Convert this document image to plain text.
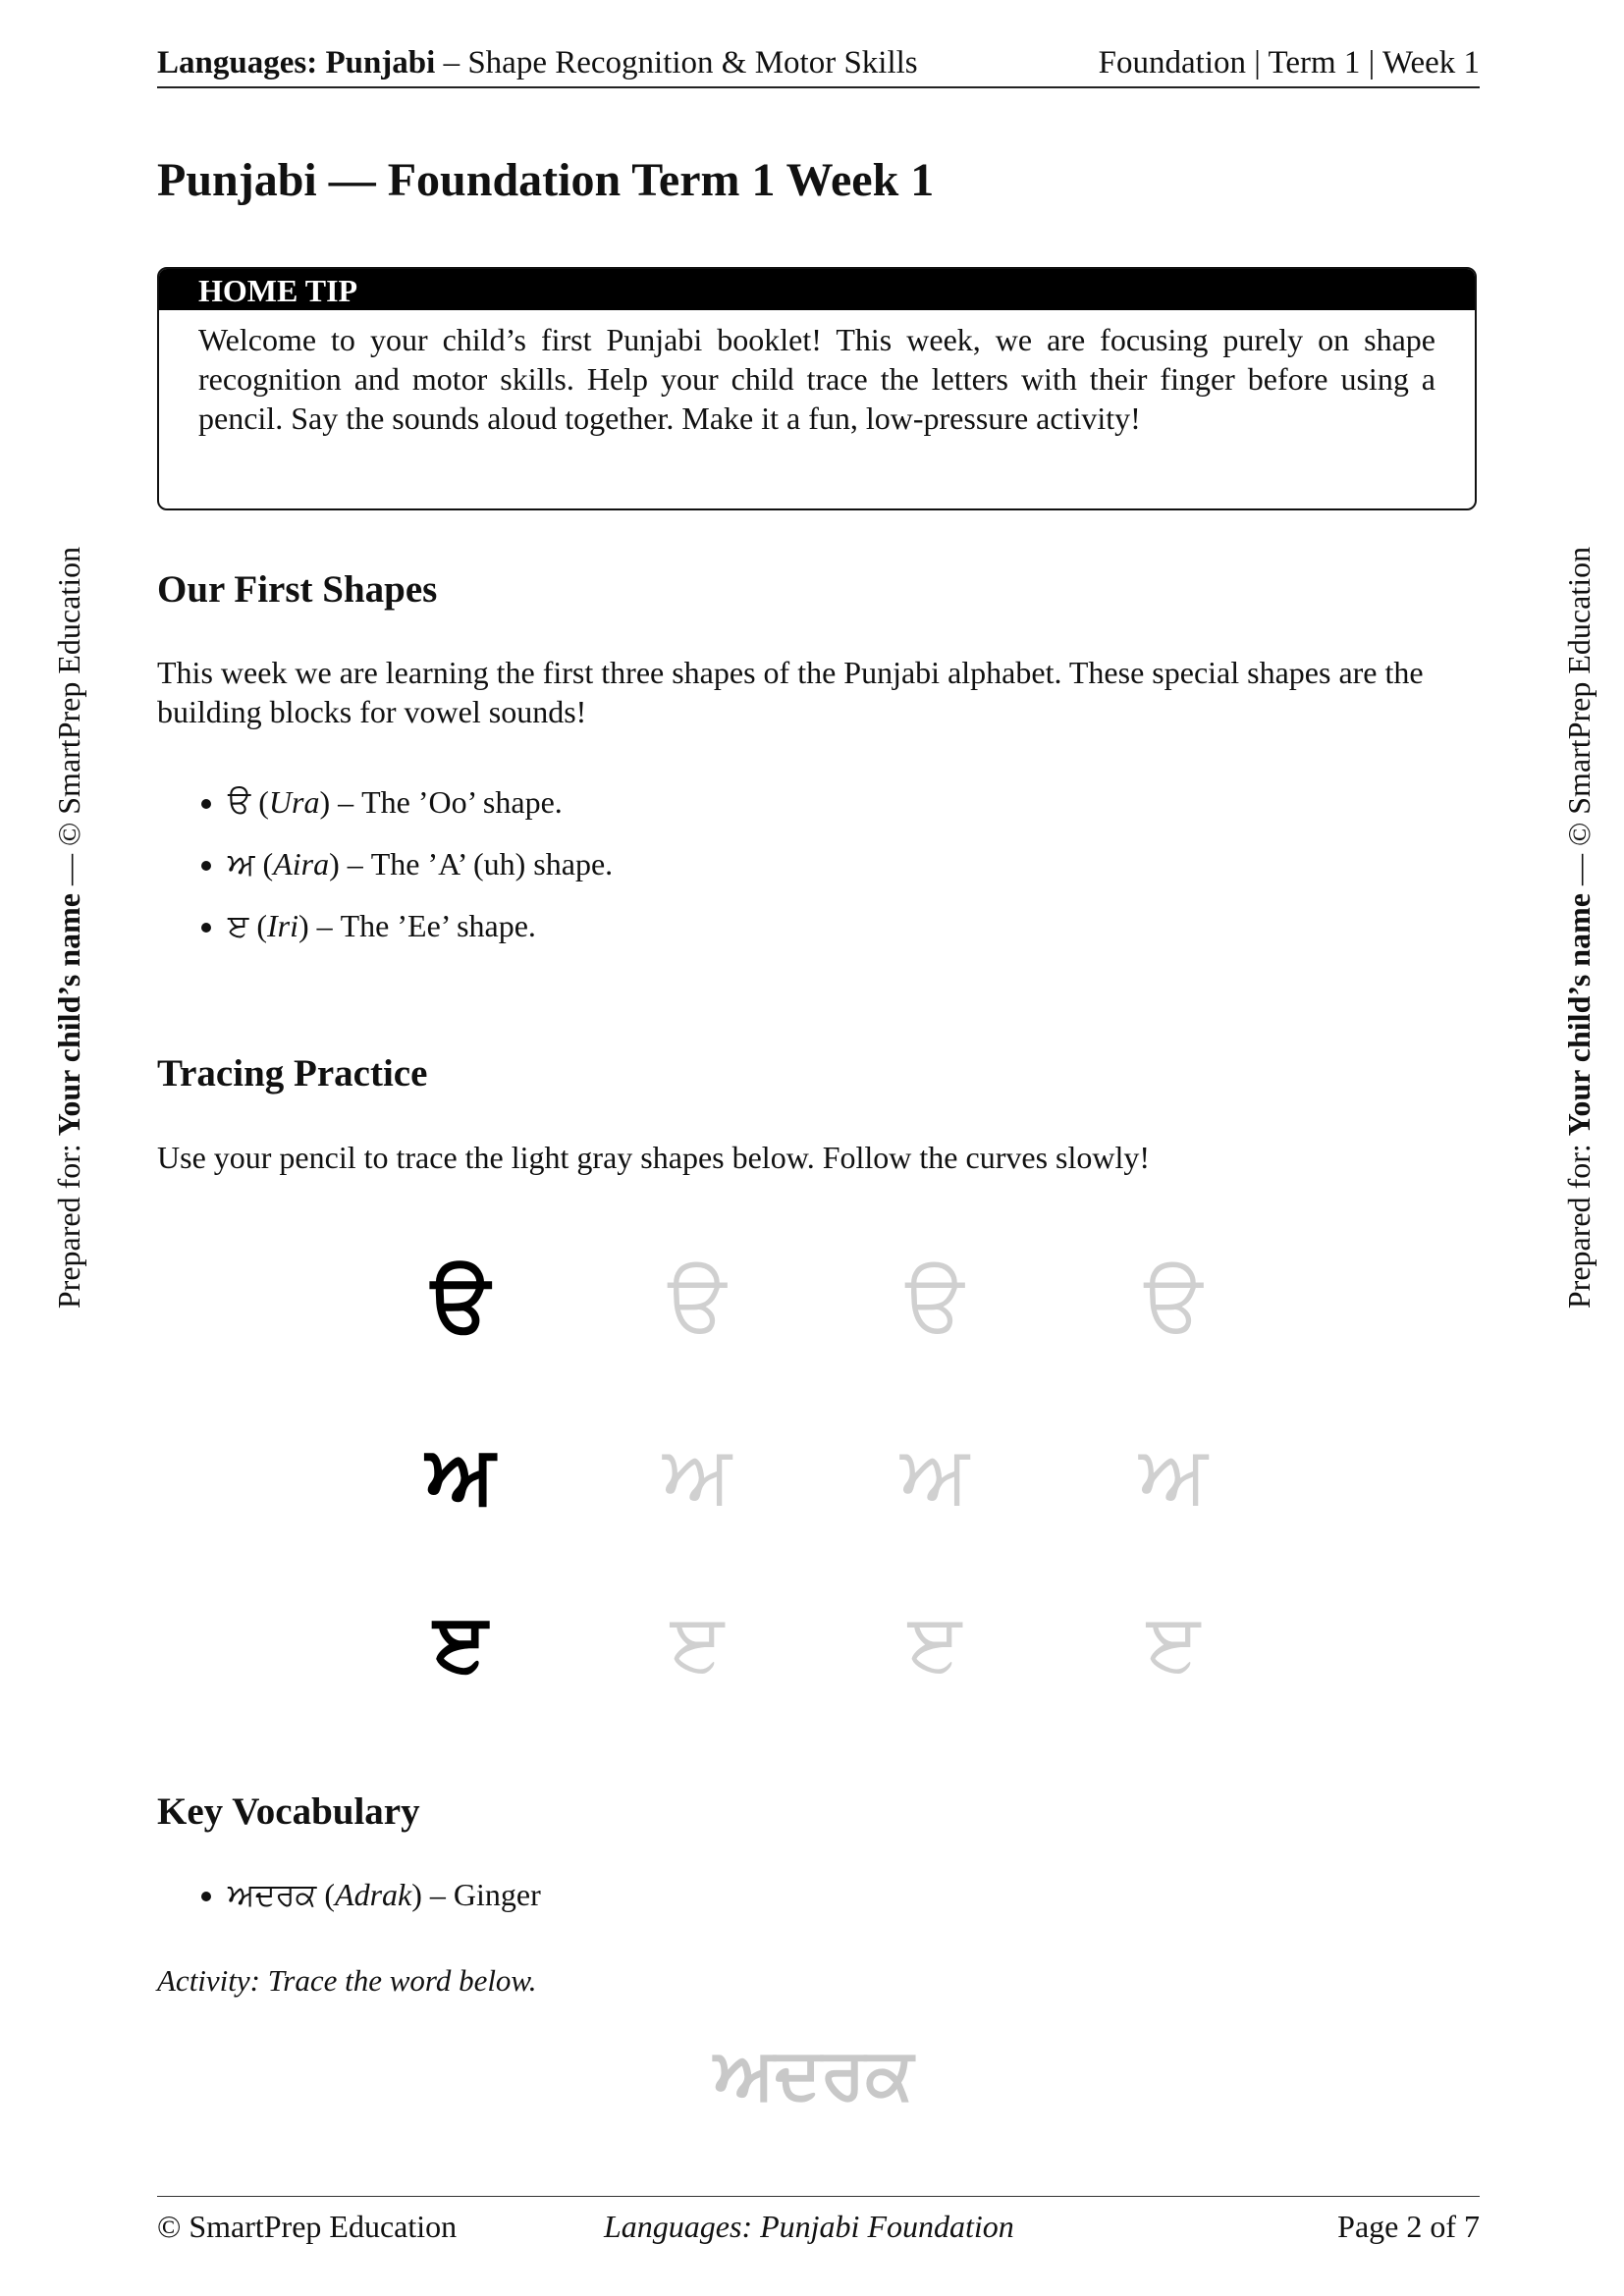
Languages: Punjabi – Shape Recognition & Motor Skills	Foundation | Term 1 | Week 1
Punjabi — Foundation Term 1 Week 1
HOME TIP
Welcome to your child’s first Punjabi booklet! This week, we are focusing purely on shape recognition and motor skills. Help your child trace the letters with their finger before using a pencil. Say the sounds aloud together. Make it a fun, low-pressure activity!
Our First Shapes

This week we are learning the first three shapes of the Punjabi alphabet. These special shapes are the building blocks for vowel sounds!

ੳ (Ura) – The ’Oo’ shape.
ਅ (Aira) – The ’A’ (uh) shape.
ੲ (Iri) – The ’Ee’ shape.
Tracing Practice

Use your pencil to trace the light gray shapes below. Follow the curves slowly!

ੳ	ੳ	ੳ	ੳ
ਅ	ਅ	ਅ	ਅ
ੲ	ੲ	ੲ	ੲ
Key Vocabulary
ਅਦਰਕ (Adrak) – Ginger
Activity: Trace the word below.
ਅਦਰਕ
© SmartPrep Education	Languages: Punjabi Foundation	Page 2 of 7
Prepared for: Your child’s name — © SmartPrep Education
Prepared for: Your child’s name — © SmartPrep Education
